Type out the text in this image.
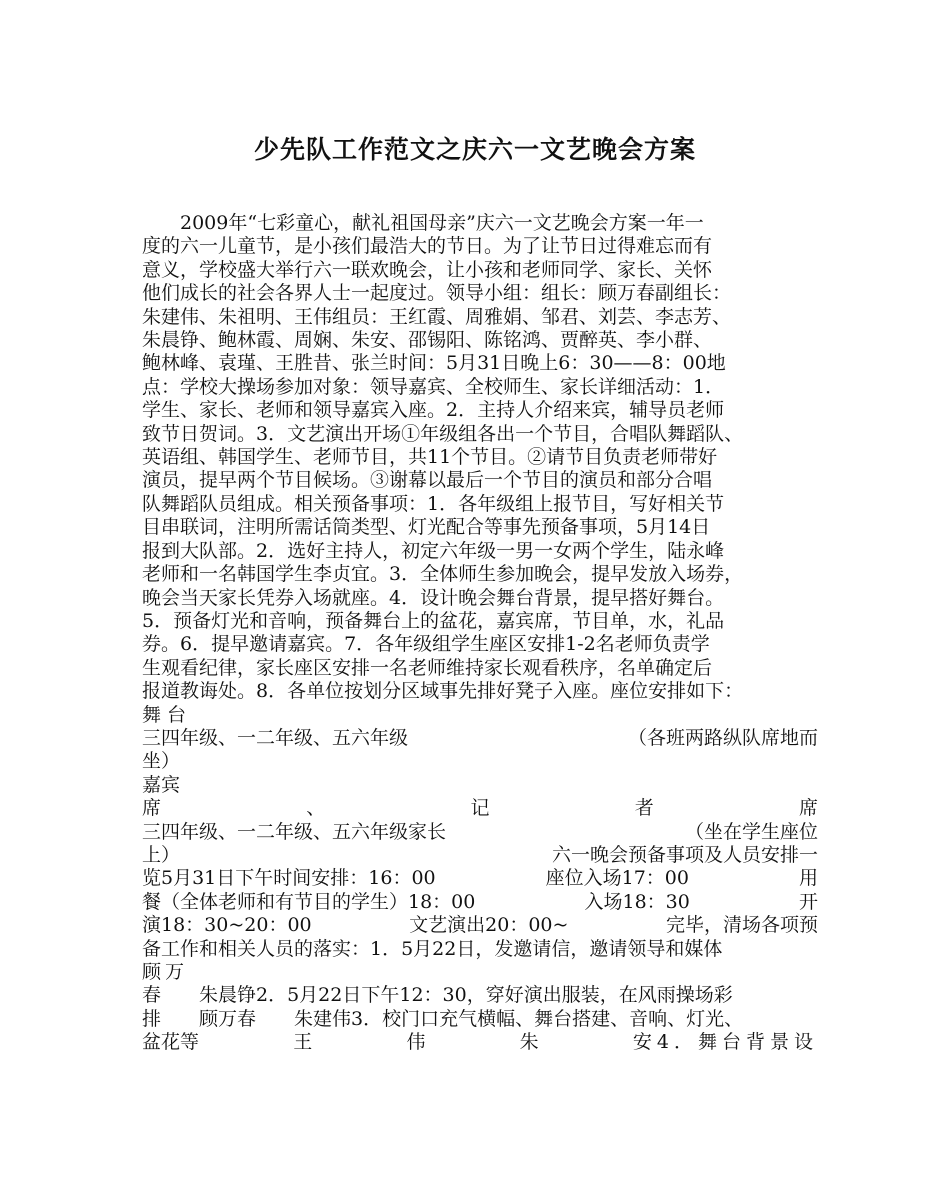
少先队工作范文之庆六一文艺晚会方案
2009年“七彩童心，献礼祖国母亲”庆六一文艺晚会方案一年一
度的六一儿童节，是小孩们最浩大的节日。为了让节日过得难忘而有
意义，学校盛大举行六一联欢晚会，让小孩和老师同学、家长、关怀
他们成长的社会各界人士一起度过。领导小组：组长：顾万春副组长：
朱建伟、朱祖明、王伟组员：王红霞、周雅娟、邹君、刘芸、李志芳、
朱晨铮、鲍林霞、周娴、朱安、邵锡阳、陈铭鸿、贾醉英、李小群、
鲍林峰、袁瑾、王胜昔、张兰时间：5月31日晚上6：30——8：00地
点：学校大操场参加对象：领导嘉宾、全校师生、家长详细活动：1．
学生、家长、老师和领导嘉宾入座。2．主持人介绍来宾，辅导员老师
致节日贺词。3．文艺演出开场①年级组各出一个节目，合唱队舞蹈队、
英语组、韩国学生、老师节目，共11个节目。②请节目负责老师带好
演员，提早两个节目候场。③谢幕以最后一个节目的演员和部分合唱
队舞蹈队员组成。相关预备事项：1．各年级组上报节目，写好相关节
目串联词，注明所需话筒类型、灯光配合等事先预备事项，5月14日
报到大队部。2．选好主持人，初定六年级一男一女两个学生，陆永峰
老师和一名韩国学生李贞宜。3．全体师生参加晚会，提早发放入场券，
晚会当天家长凭券入场就座。4．设计晚会舞台背景，提早搭好舞台。
5．预备灯光和音响，预备舞台上的盆花，嘉宾席，节目单，水，礼品
券。6．提早邀请嘉宾。7．各年级组学生座区安排1-2名老师负责学
生观看纪律，家长座区安排一名老师维持家长观看秩序，名单确定后
报道教诲处。8．各单位按划分区域事先排好凳子入座。座位安排如下：
舞台
三四年级、一二年级、五六年级	（各班两路纵队席地而
坐）
嘉宾
席	、	记	者	席
三四年级、一二年级、五六年级家长	（坐在学生座位
上）	六一晚会预备事项及人员安排一
览5月31日下午时间安排：16：00	座位入场17：00	用
餐（全体老师和有节目的学生）18：00	入场18：30	开
演18：30~20：00	文艺演出20：00~	完毕，清场各项预
备工作和相关人员的落实：1．5月22日，发邀请信，邀请领导和媒体
顾万
春　　朱晨铮2．5月22日下午12：30，穿好演出服装，在风雨操场彩
排　　顾万春　　朱建伟3．校门口充气横幅、舞台搭建、音响、灯光、
盆花等	王	伟	朱	安4．舞台背景设
